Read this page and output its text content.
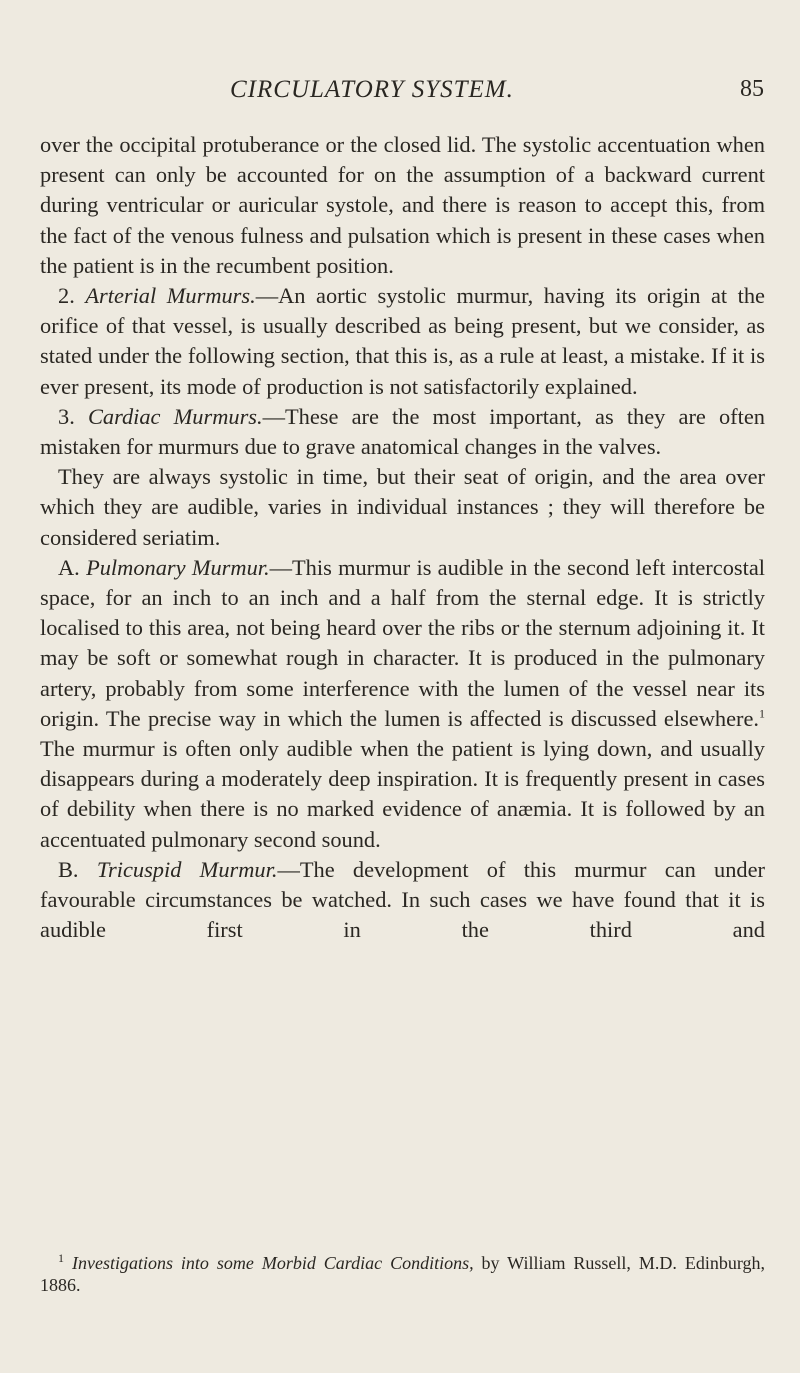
CIRCULATORY SYSTEM.	85

over the occipital protuberance or the closed lid. The systolic accentuation when present can only be accounted for on the assumption of a backward current during ventricular or auricular systole, and there is reason to accept this, from the fact of the venous fulness and pulsation which is present in these cases when the patient is in the recumbent position.

2. Arterial Murmurs.—An aortic systolic murmur, having its origin at the orifice of that vessel, is usually described as being present, but we consider, as stated under the following section, that this is, as a rule at least, a mistake. If it is ever present, its mode of production is not satisfactorily explained.

3. Cardiac Murmurs.—These are the most important, as they are often mistaken for murmurs due to grave anatomical changes in the valves.

They are always systolic in time, but their seat of origin, and the area over which they are audible, varies in individual instances ; they will therefore be considered seriatim.

A. Pulmonary Murmur.—This murmur is audible in the second left intercostal space, for an inch to an inch and a half from the sternal edge. It is strictly localised to this area, not being heard over the ribs or the sternum adjoining it. It may be soft or somewhat rough in character. It is produced in the pulmonary artery, probably from some interference with the lumen of the vessel near its origin. The precise way in which the lumen is affected is discussed elsewhere.$^1$ The murmur is often only audible when the patient is lying down, and usually disappears during a moderately deep inspiration. It is frequently present in cases of debility when there is no marked evidence of anæmia. It is followed by an accentuated pulmonary second sound.

B. Tricuspid Murmur.—The development of this murmur can under favourable circumstances be watched. In such cases we have found that it is audible first in the third and

$^1$ Investigations into some Morbid Cardiac Conditions, by William Russell, M.D. Edinburgh, 1886.
